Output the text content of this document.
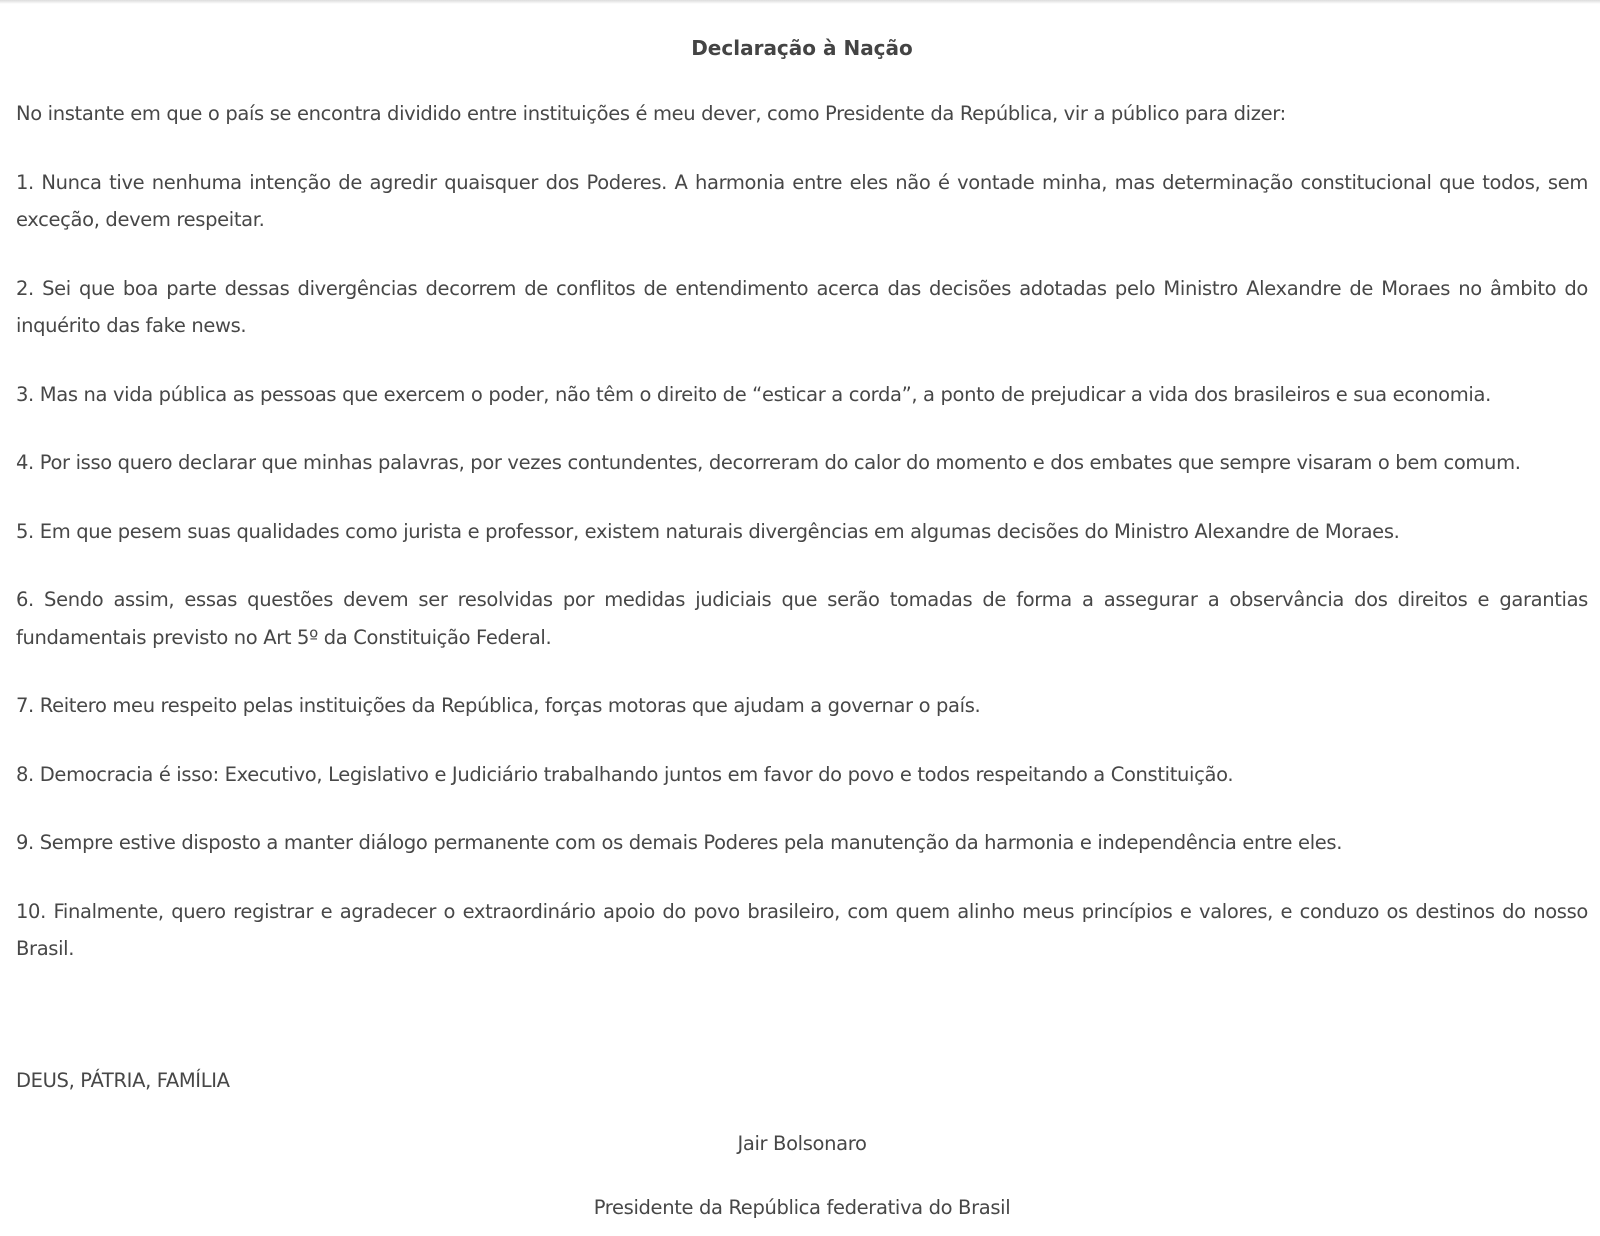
Declaração à Nação

No instante em que o país se encontra dividido entre instituições é meu dever, como Presidente da República, vir a público para dizer:

1. Nunca tive nenhuma intenção de agredir quaisquer dos Poderes. A harmonia entre eles não é vontade minha, mas determinação constitucional que todos, sem exceção, devem respeitar.

2. Sei que boa parte dessas divergências decorrem de conflitos de entendimento acerca das decisões adotadas pelo Ministro Alexandre de Moraes no âmbito do inquérito das fake news.

3. Mas na vida pública as pessoas que exercem o poder, não têm o direito de “esticar a corda”, a ponto de prejudicar a vida dos brasileiros e sua economia.

4. Por isso quero declarar que minhas palavras, por vezes contundentes, decorreram do calor do momento e dos embates que sempre visaram o bem comum.

5. Em que pesem suas qualidades como jurista e professor, existem naturais divergências em algumas decisões do Ministro Alexandre de Moraes.

6. Sendo assim, essas questões devem ser resolvidas por medidas judiciais que serão tomadas de forma a assegurar a observância dos direitos e garantias fundamentais previsto no Art 5º da Constituição Federal.

7. Reitero meu respeito pelas instituições da República, forças motoras que ajudam a governar o país.

8. Democracia é isso: Executivo, Legislativo e Judiciário trabalhando juntos em favor do povo e todos respeitando a Constituição.

9. Sempre estive disposto a manter diálogo permanente com os demais Poderes pela manutenção da harmonia e independência entre eles.

10. Finalmente, quero registrar e agradecer o extraordinário apoio do povo brasileiro, com quem alinho meus princípios e valores, e conduzo os destinos do nosso Brasil.

DEUS, PÁTRIA, FAMÍLIA

Jair Bolsonaro

Presidente da República federativa do Brasil
